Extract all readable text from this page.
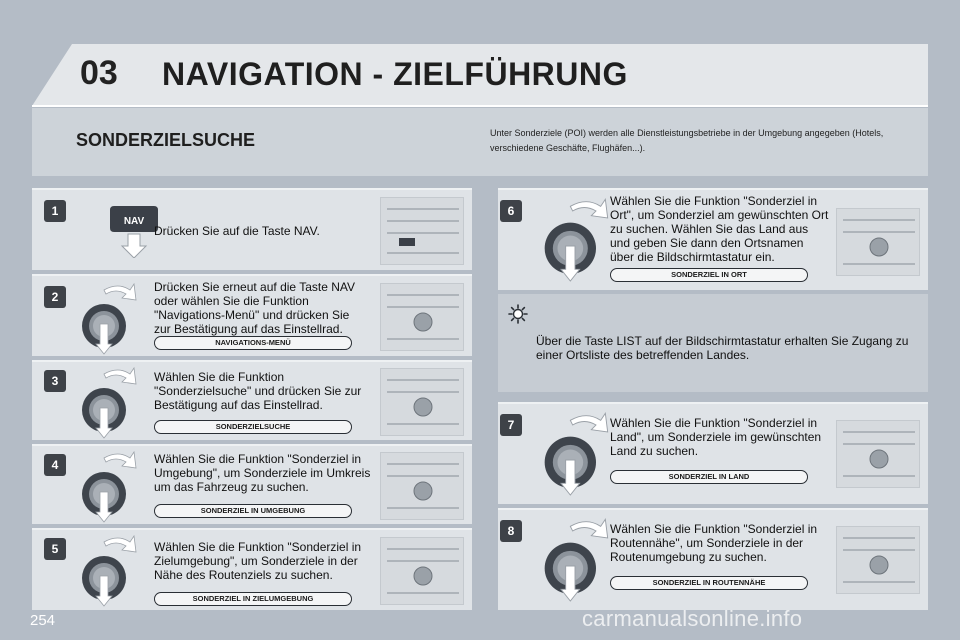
03 NAVIGATION - ZIELFÜHRUNG
SONDERZIELSUCHE	Unter Sonderziele (POI) werden alle Dienstleistungsbetriebe in der Umgebung angegeben (Hotels, verschiedene Geschäfte, Flughäfen...).
1
NAV
Drücken Sie auf die Taste NAV.
2
Drücken Sie erneut auf die Taste NAV oder wählen Sie die Funktion "Navigations-Menü" und drücken Sie zur Bestätigung auf das Einstellrad.
NAVIGATIONS-MENÜ
3	Wählen Sie die Funktion "Sonderzielsuche" und drücken Sie zur Bestätigung auf das Einstellrad.
SONDERZIELSUCHE
4	Wählen Sie die Funktion "Sonderziel in Umgebung", um Sonderziele im Umkreis um das Fahrzeug zu suchen.
SONDERZIEL IN UMGEBUNG
5	Wählen Sie die Funktion "Sonderziel in Zielumgebung", um Sonderziele in der Nähe des Routenziels zu suchen.
SONDERZIEL IN ZIELUMGEBUNG
6
Wählen Sie die Funktion "Sonderziel in Ort", um Sonderziel am gewünschten Ort zu suchen. Wählen Sie das Land aus und geben Sie dann den Ortsnamen über die Bildschirmtastatur ein.
SONDERZIEL IN ORT
Über die Taste LIST auf der Bildschirmtastatur erhalten Sie Zugang zu einer Ortsliste des betreffenden Landes.
7	Wählen Sie die Funktion "Sonderziel in Land", um Sonderziele im gewünschten Land zu suchen.
SONDERZIEL IN LAND
8	Wählen Sie die Funktion "Sonderziel in Routennähe", um Sonderziele in der Routenumgebung zu suchen.
SONDERZIEL IN ROUTENNÄHE
254	carmanualsonline.info
